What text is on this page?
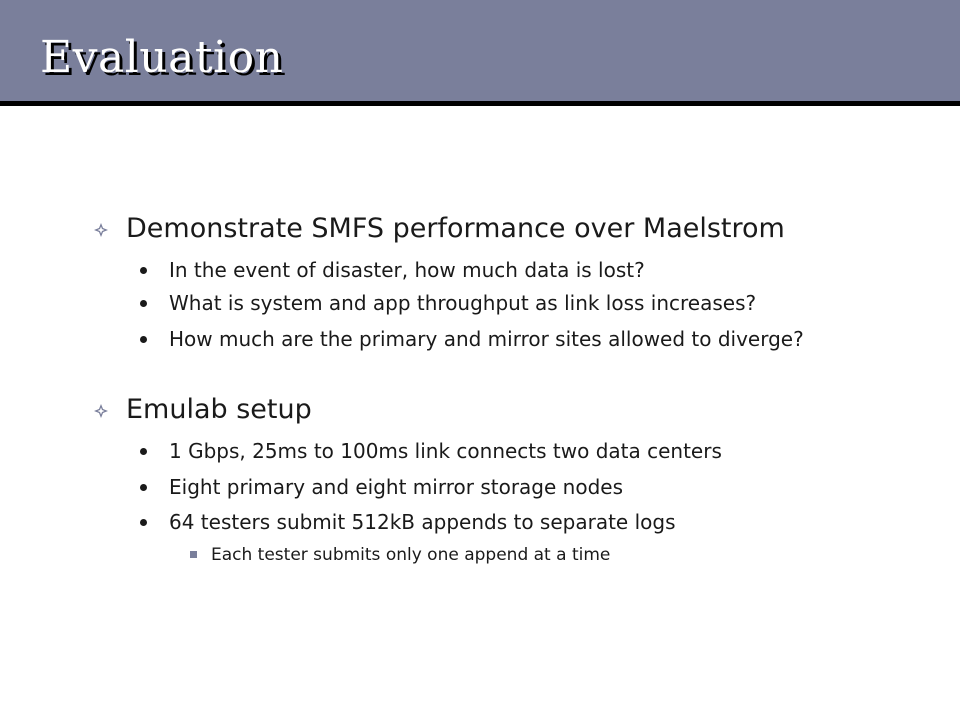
Evaluation
Demonstrate SMFS performance over Maelstrom
In the event of disaster, how much data is lost?
What is system and app throughput as link loss increases?
How much are the primary and mirror sites allowed to diverge?
Emulab setup
1 Gbps, 25ms to 100ms link connects two data centers
Eight primary and eight mirror storage nodes
64 testers submit 512kB appends to separate logs
Each tester submits only one append at a time
